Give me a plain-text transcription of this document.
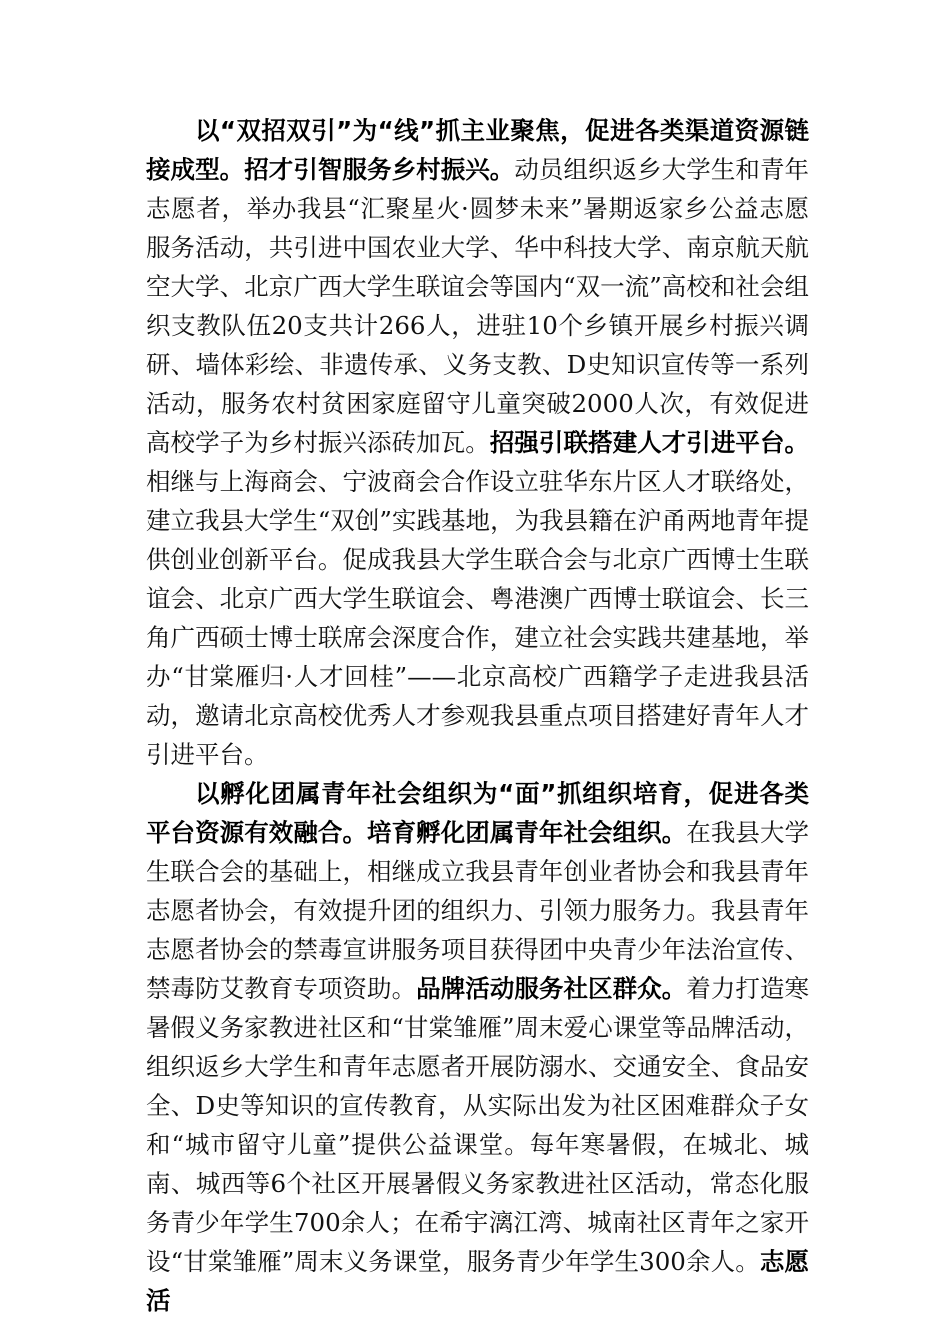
以“双招双引”为“线”抓主业聚焦，促进各类渠道资源链接成型。招才引智服务乡村振兴。动员组织返乡大学生和青年志愿者，举办我县“汇聚星火·圆梦未来”暑期返家乡公益志愿服务活动，共引进中国农业大学、华中科技大学、南京航天航空大学、北京广西大学生联谊会等国内“双一流”高校和社会组织支教队伍20支共计266人，进驻10个乡镇开展乡村振兴调研、墙体彩绘、非遗传承、义务支教、D史知识宣传等一系列活动，服务农村贫困家庭留守儿童突破2000人次，有效促进高校学子为乡村振兴添砖加瓦。招强引联搭建人才引进平台。相继与上海商会、宁波商会合作设立驻华东片区人才联络处，建立我县大学生“双创”实践基地，为我县籍在沪甬两地青年提供创业创新平台。促成我县大学生联合会与北京广西博士生联谊会、北京广西大学生联谊会、粤港澳广西博士联谊会、长三角广西硕士博士联席会深度合作，建立社会实践共建基地，举办“甘棠雁归·人才回桂”——北京高校广西籍学子走进我县活动，邀请北京高校优秀人才参观我县重点项目搭建好青年人才引进平台。

以孵化团属青年社会组织为“面”抓组织培育，促进各类平台资源有效融合。培育孵化团属青年社会组织。在我县大学生联合会的基础上，相继成立我县青年创业者协会和我县青年志愿者协会，有效提升团的组织力、引领力服务力。我县青年志愿者协会的禁毒宣讲服务项目获得团中央青少年法治宣传、禁毒防艾教育专项资助。品牌活动服务社区群众。着力打造寒暑假义务家教进社区和“甘棠雏雁”周末爱心课堂等品牌活动，组织返乡大学生和青年志愿者开展防溺水、交通安全、食品安全、D史等知识的宣传教育，从实际出发为社区困难群众子女和“城市留守儿童”提供公益课堂。每年寒暑假，在城北、城南、城西等6个社区开展暑假义务家教进社区活动，常态化服务青少年学生700余人；在希宇漓江湾、城南社区青年之家开设“甘棠雏雁”周末义务课堂，服务青少年学生300余人。志愿活
